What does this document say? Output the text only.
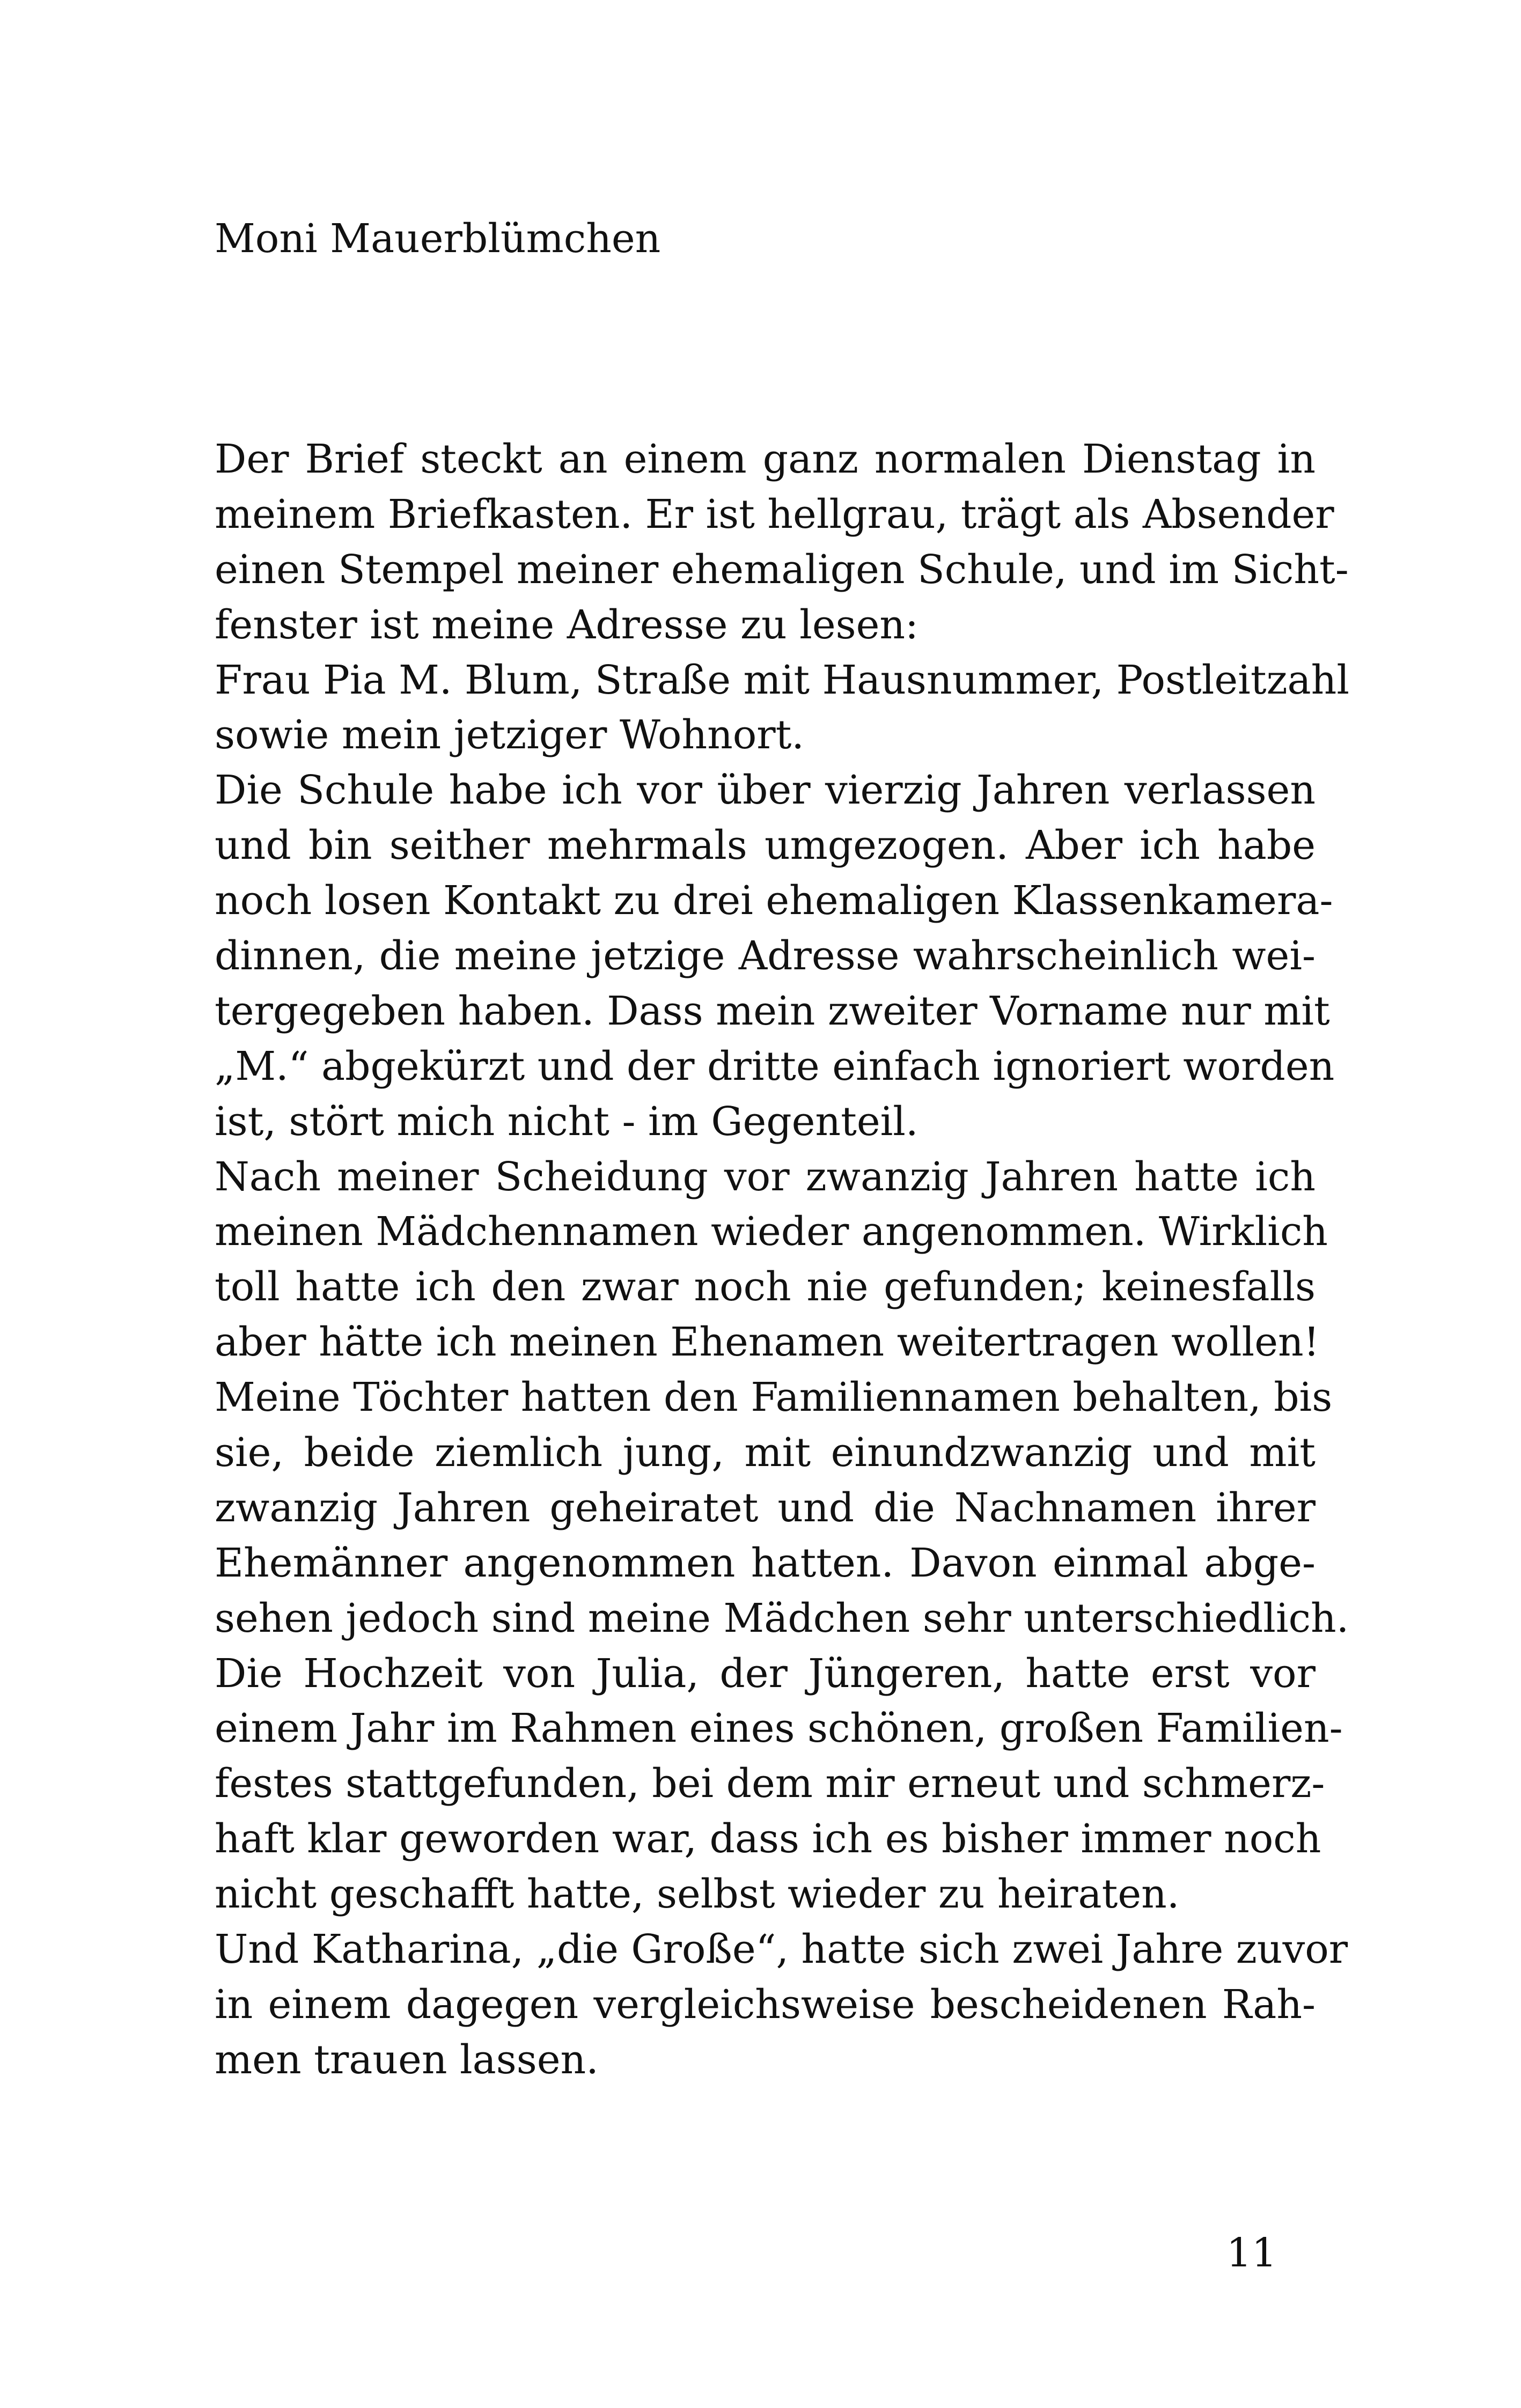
Moni Mauerblümchen
Der Brief steckt an einem ganz normalen Dienstag in
meinem Briefkasten. Er ist hellgrau, trägt als Absender
einen Stempel meiner ehemaligen Schule, und im Sicht-
fenster ist meine Adresse zu lesen:
Frau Pia M. Blum, Straße mit Hausnummer, Postleitzahl
sowie mein jetziger Wohnort.
Die Schule habe ich vor über vierzig Jahren verlassen
und bin seither mehrmals umgezogen. Aber ich habe
noch losen Kontakt zu drei ehemaligen Klassenkamera-
dinnen, die meine jetzige Adresse wahrscheinlich wei-
tergegeben haben. Dass mein zweiter Vorname nur mit
„M.“ abgekürzt und der dritte einfach ignoriert worden
ist, stört mich nicht - im Gegenteil.
Nach meiner Scheidung vor zwanzig Jahren hatte ich
meinen Mädchennamen wieder angenommen. Wirklich
toll hatte ich den zwar noch nie gefunden; keinesfalls
aber hätte ich meinen Ehenamen weitertragen wollen!
Meine Töchter hatten den Familiennamen behalten, bis
sie, beide ziemlich jung, mit einundzwanzig und mit
zwanzig Jahren geheiratet und die Nachnamen ihrer
Ehemänner angenommen hatten. Davon einmal abge-
sehen jedoch sind meine Mädchen sehr unterschiedlich.
Die Hochzeit von Julia, der Jüngeren, hatte erst vor
einem Jahr im Rahmen eines schönen, großen Familien-
festes stattgefunden, bei dem mir erneut und schmerz-
haft klar geworden war, dass ich es bisher immer noch
nicht geschafft hatte, selbst wieder zu heiraten.
Und Katharina, „die Große“, hatte sich zwei Jahre zuvor
in einem dagegen vergleichsweise bescheidenen Rah-
men trauen lassen.
11
